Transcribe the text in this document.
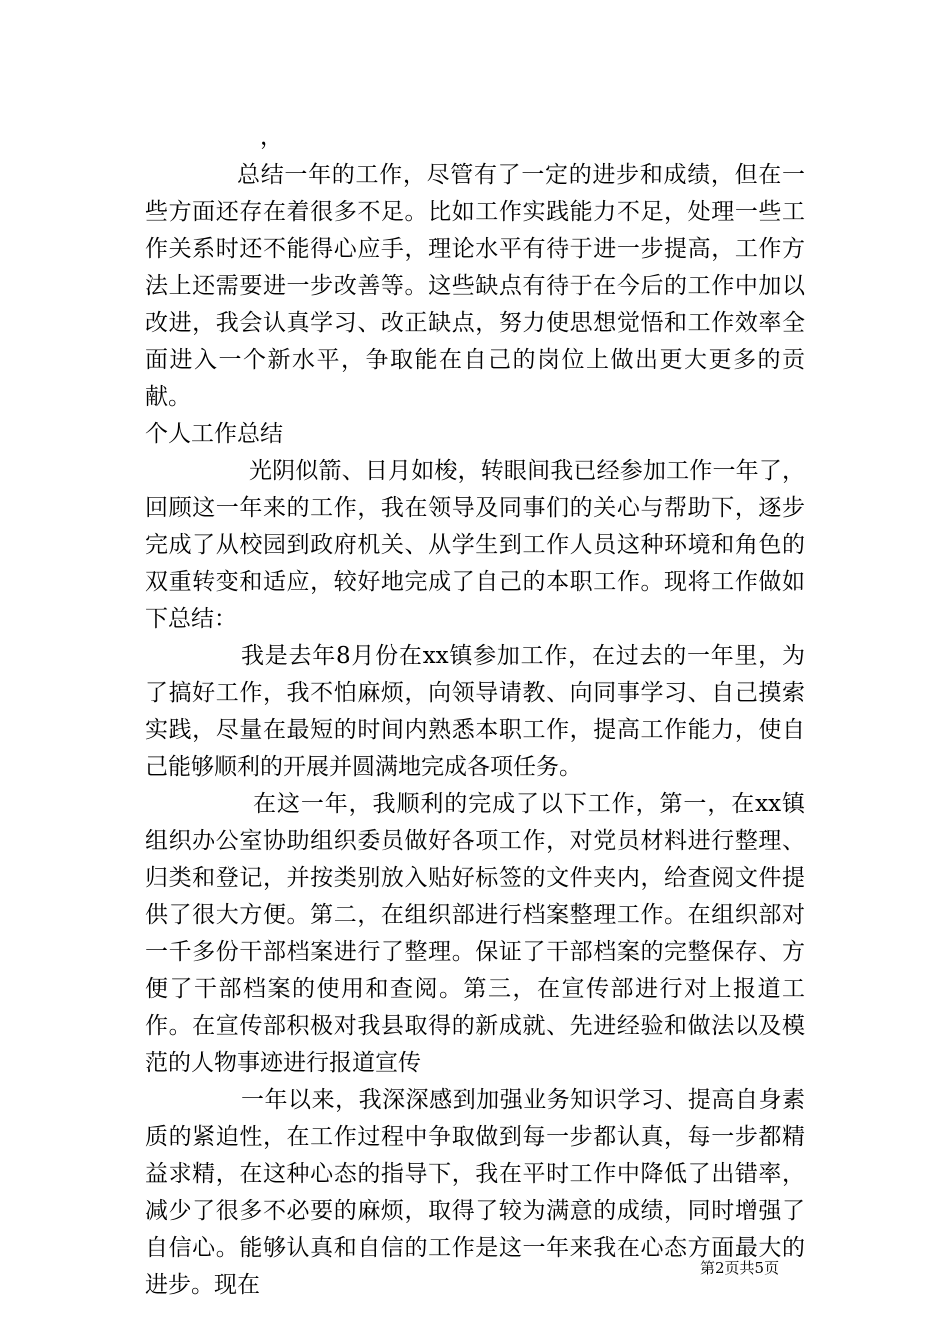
，

总结一年的工作，尽管有了一定的进步和成绩，但在一些方面还存在着很多不足。比如工作实践能力不足，处理一些工作关系时还不能得心应手，理论水平有待于进一步提高，工作方法上还需要进一步改善等。这些缺点有待于在今后的工作中加以改进，我会认真学习、改正缺点，努力使思想觉悟和工作效率全面进入一个新水平，争取能在自己的岗位上做出更大更多的贡献。

个人工作总结

光阴似箭、日月如梭，转眼间我已经参加工作一年了，回顾这一年来的工作，我在领导及同事们的关心与帮助下，逐步完成了从校园到政府机关、从学生到工作人员这种环境和角色的双重转变和适应，较好地完成了自己的本职工作。现将工作做如下总结：

我是去年8月份在xx镇参加工作，在过去的一年里，为了搞好工作，我不怕麻烦，向领导请教、向同事学习、自己摸索实践，尽量在最短的时间内熟悉本职工作，提高工作能力，使自己能够顺利的开展并圆满地完成各项任务。

在这一年，我顺利的完成了以下工作，第一，在xx镇组织办公室协助组织委员做好各项工作，对党员材料进行整理、归类和登记，并按类别放入贴好标签的文件夹内，给查阅文件提供了很大方便。第二，在组织部进行档案整理工作。在组织部对一千多份干部档案进行了整理。保证了干部档案的完整保存、方便了干部档案的使用和查阅。第三，在宣传部进行对上报道工作。在宣传部积极对我县取得的新成就、先进经验和做法以及模范的人物事迹进行报道宣传

一年以来，我深深感到加强业务知识学习、提高自身素质的紧迫性，在工作过程中争取做到每一步都认真，每一步都精益求精，在这种心态的指导下，我在平时工作中降低了出错率，减少了很多不必要的麻烦，取得了较为满意的成绩，同时增强了自信心。能够认真和自信的工作是这一年来我在心态方面最大的进步。现在

第2页共5页
